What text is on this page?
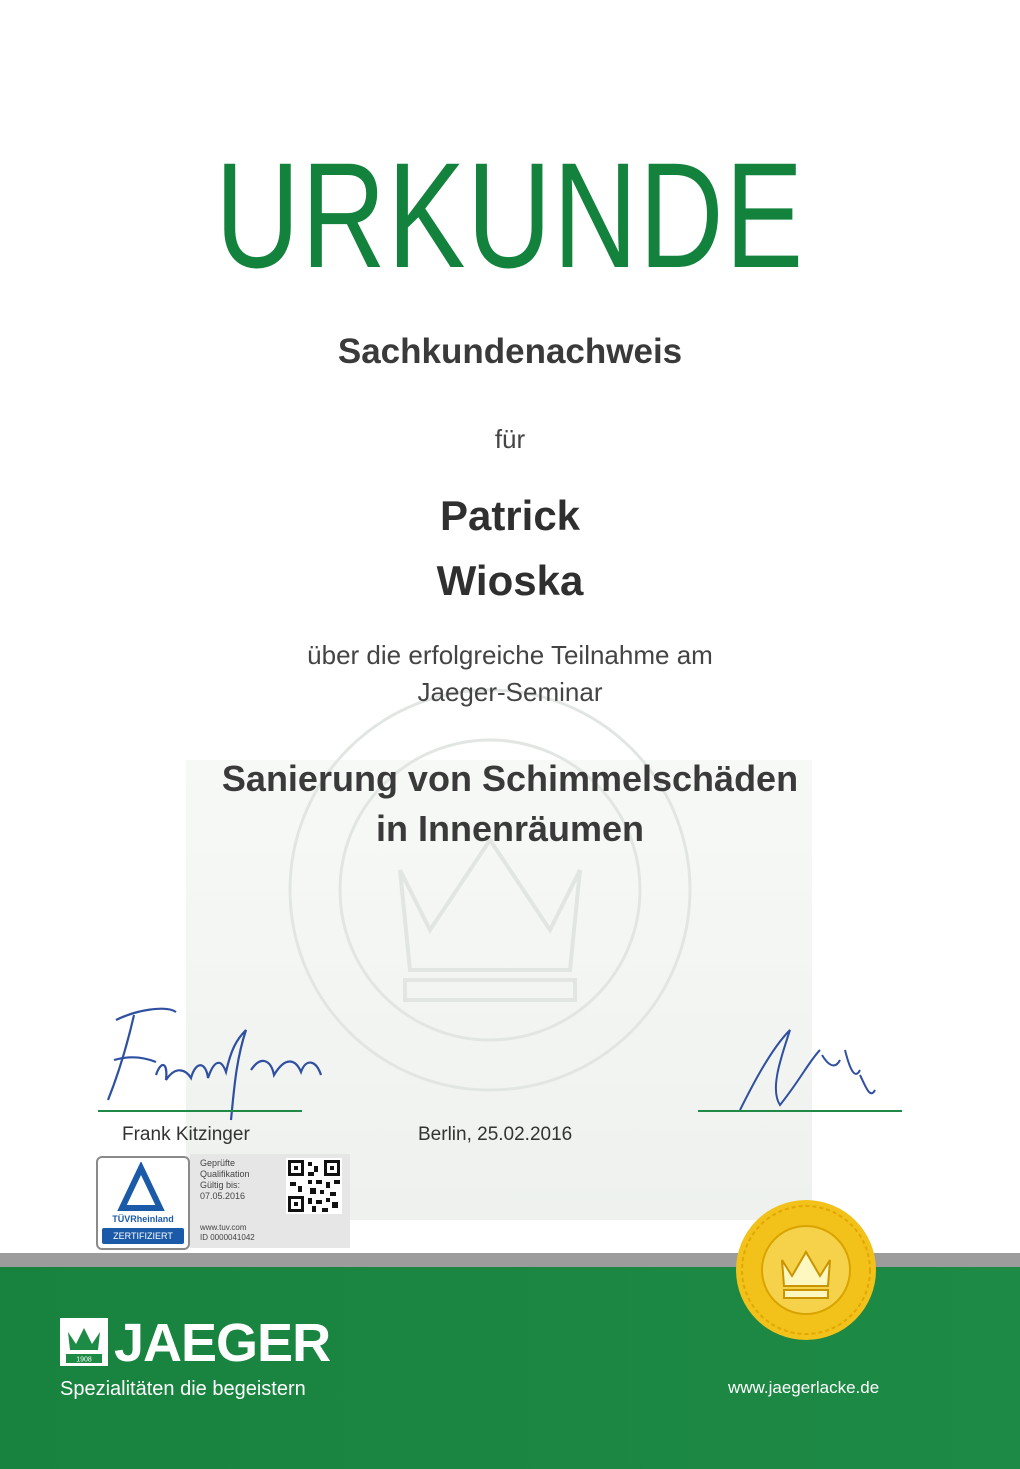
URKUNDE
Sachkundenachweis
für
Patrick
Wioska
über die erfolgreiche Teilnahme am
Jaeger-Seminar
Sanierung von Schimmelschäden
in Innenräumen
Frank Kitzinger	Berlin, 25.02.2016
TÜVRheinland
ZERTIFIZIERT
Geprüfte
Qualifikation
Gültig bis:
07.05.2016
www.tuv.com
ID 0000041042
1908 JAEGER
Spezialitäten die begeistern	www.jaegerlacke.de
